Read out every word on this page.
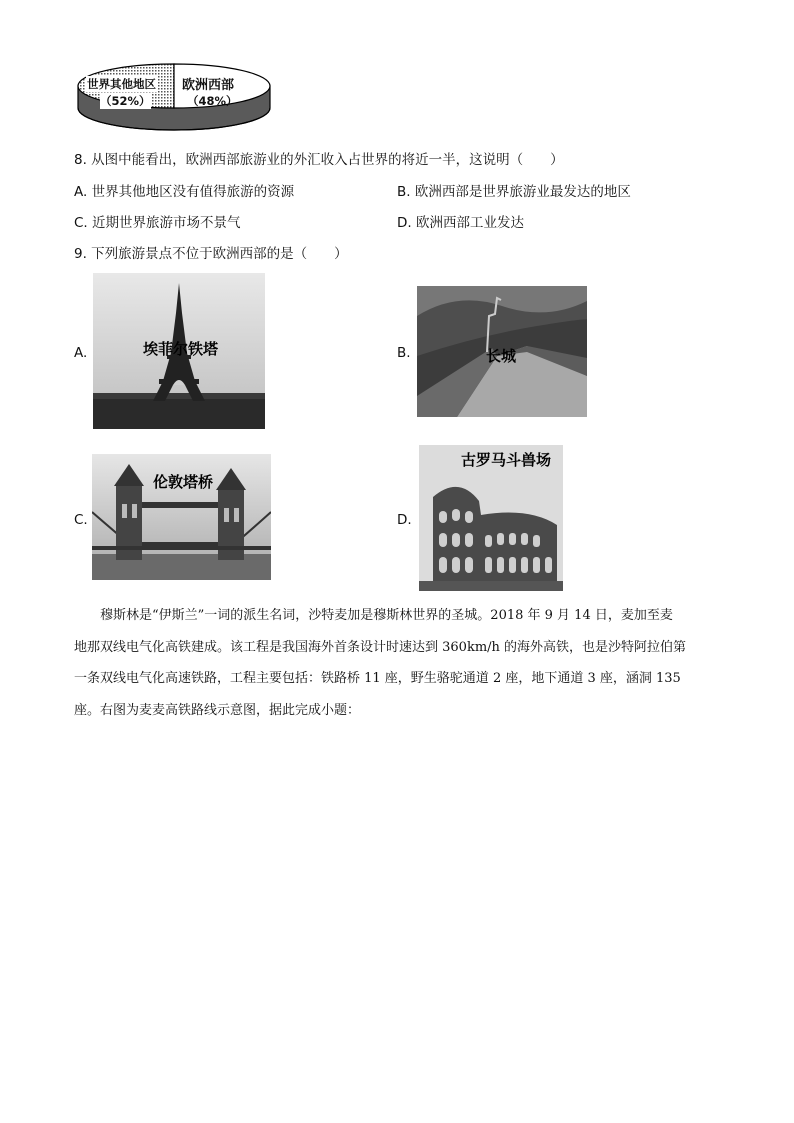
世界其他地区
（52%）
欧洲西部
（48%）
8. 从图中能看出，欧洲西部旅游业的外汇收入占世界的将近一半，这说明（　　）
A. 世界其他地区没有值得旅游的资源	B. 欧洲西部是世界旅游业最发达的地区
C. 近期世界旅游市场不景气	D. 欧洲西部工业发达
9. 下列旅游景点不位于欧洲西部的是（　　）
A.	埃菲尔铁塔	B.	长城
C.
伦敦塔桥
D.
古罗马斗兽场

穆斯林是“伊斯兰”一词的派生名词，沙特麦加是穆斯林世界的圣城。2018 年 9 月 14 日，麦加至麦

地那双线电气化高铁建成。该工程是我国海外首条设计时速达到 360km/h 的海外高铁，也是沙特阿拉伯第
一条双线电气化高速铁路，工程主要包括：铁路桥 11 座，野生骆驼通道 2 座，地下通道 3 座，涵洞 135
座。右图为麦麦高铁路线示意图，据此完成小题：
